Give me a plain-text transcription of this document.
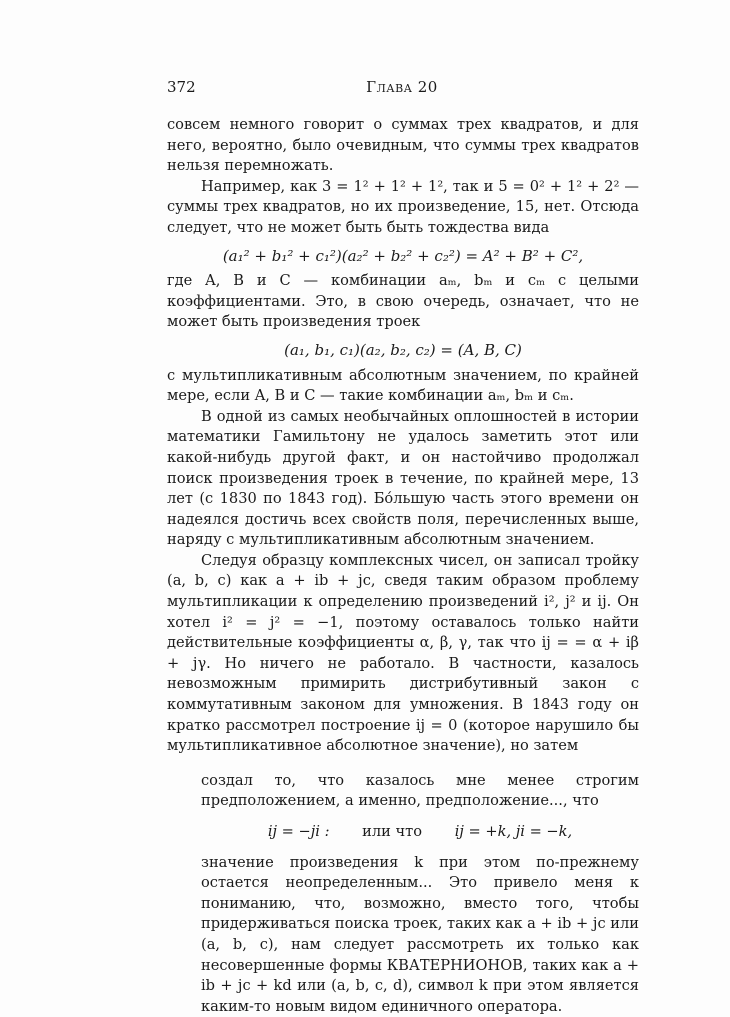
372	Глава 20

совсем немного говорит о суммах трех квадратов, и для него, вероятно, было очевидным, что суммы трех квадратов нельзя перемножать.

Например, как 3 = 1² + 1² + 1², так и 5 = 0² + 1² + 2² — суммы трех квадратов, но их произведение, 15, нет. Отсюда следует, что не может быть быть тождества вида

(a₁² + b₁² + c₁²)(a₂² + b₂² + c₂²) = A² + B² + C²,

где A, B и C — комбинации aₘ, bₘ и cₘ с целыми коэффициентами. Это, в свою очередь, означает, что не может быть произведения троек

(a₁, b₁, c₁)(a₂, b₂, c₂) = (A, B, C)

с мультипликативным абсолютным значением, по крайней мере, если A, B и C — такие комбинации aₘ, bₘ и cₘ.

В одной из самых необычайных оплошностей в истории математики Гамильтону не удалось заметить этот или какой-нибудь другой факт, и он настойчиво продолжал поиск произведения троек в течение, по крайней мере, 13 лет (с 1830 по 1843 год). Бо́льшую часть этого времени он надеялся достичь всех свойств поля, перечисленных выше, наряду с мультипликативным абсолютным значением.

Следуя образцу комплексных чисел, он записал тройку (a, b, c) как a + ib + jc, сведя таким образом проблему мультипликации к определению произведений i², j² и ij. Он хотел i² = j² = −1, поэтому оставалось только найти действительные коэффициенты α, β, γ, так что ij = = α + iβ + jγ. Но ничего не работало. В частности, казалось невозможным примирить дистрибутивный закон с коммутативным законом для умножения. В 1843 году он кратко рассмотрел построение ij = 0 (которое нарушило бы мультипликативное абсолютное значение), но затем

создал то, что казалось мне менее строгим предположением, а именно, предположение..., что

ij = −ji : или что ij = +k, ji = −k,

значение произведения k при этом по-прежнему остается неопределенным... Это привело меня к пониманию, что, возможно, вместо того, чтобы придерживаться поиска троек, таких как a + ib + jc или (a, b, c), нам следует рассмотреть их только как несовершенные формы КВАТЕРНИОНОВ, таких как a + ib + jc + kd или (a, b, c, d), символ k при этом является каким-то новым видом единичного оператора.
